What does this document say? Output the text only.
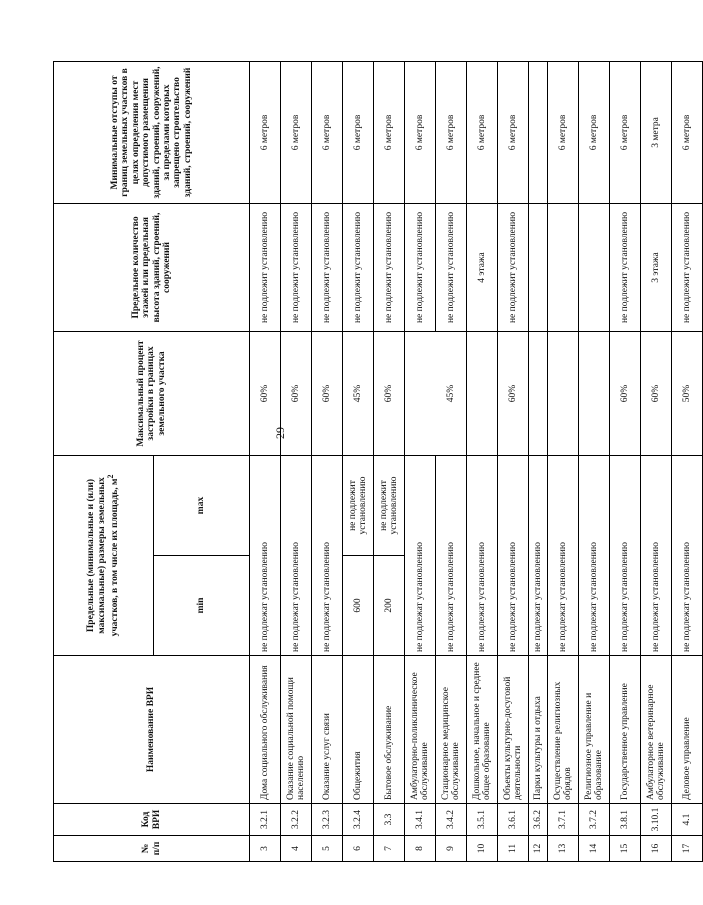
29
№ п/п	Код ВРИ	Наименование ВРИ	Предельные (минимальные и (или) максимальные) размеры земельных участков, в том числе их площадь, $м^2$		Максимальный процент застройки в границах земельного участка	Предельное количество этажей или предельная высота зданий, строений, сооружений	Минимальные отступы от границ земельных участков в целях определения мест допустимого размещения зданий, строений, сооружений, за пределами которых запрещено строительство зданий, строений, сооружений
			min	max			
3	3.2.1	Дома социального обслуживания	не подлежат установлению		60%	не подлежит установлению	6 метров
4	3.2.2	Оказание социальной помощи населению	не подлежат установлению		60%	не подлежит установлению	6 метров
5	3.2.3	Оказание услуг связи	не подлежат установлению		60%	не подлежит установлению	6 метров
6	3.2.4	Общежития	600	не подлежит установлению	45%	не подлежит установлению	6 метров
7	3.3	Бытовое обслуживание	200	не подлежит установлению	60%	не подлежит установлению	6 метров
8	3.4.1	Амбулаторно-поликлиническое обслуживание	не подлежат установлению			не подлежит установлению	6 метров
9	3.4.2	Стационарное медицинское обслуживание	не подлежат установлению		45%	не подлежит установлению	6 метров
10	3.5.1	Дошкольное, начальное и среднее общее образование	не подлежат установлению			4 этажа	6 метров
11	3.6.1	Объекты культурно-досуговой деятельности	не подлежат установлению		60%	не подлежит установлению	6 метров
12	3.6.2	Парки культуры и отдыха	не подлежат установлению				
13	3.7.1	Осуществление религиозных обрядов	не подлежат установлению				6 метров
14	3.7.2	Религиозное управление и образование	не подлежат установлению				6 метров
15	3.8.1	Государственное управление	не подлежат установлению		60%	не подлежит установлению	6 метров
16	3.10.1	Амбулаторное ветеринарное обслуживание	не подлежат установлению		60%	3 этажа	3 метра
17	4.1	Деловое управление	не подлежат установлению		50%	не подлежит установлению	6 метров
